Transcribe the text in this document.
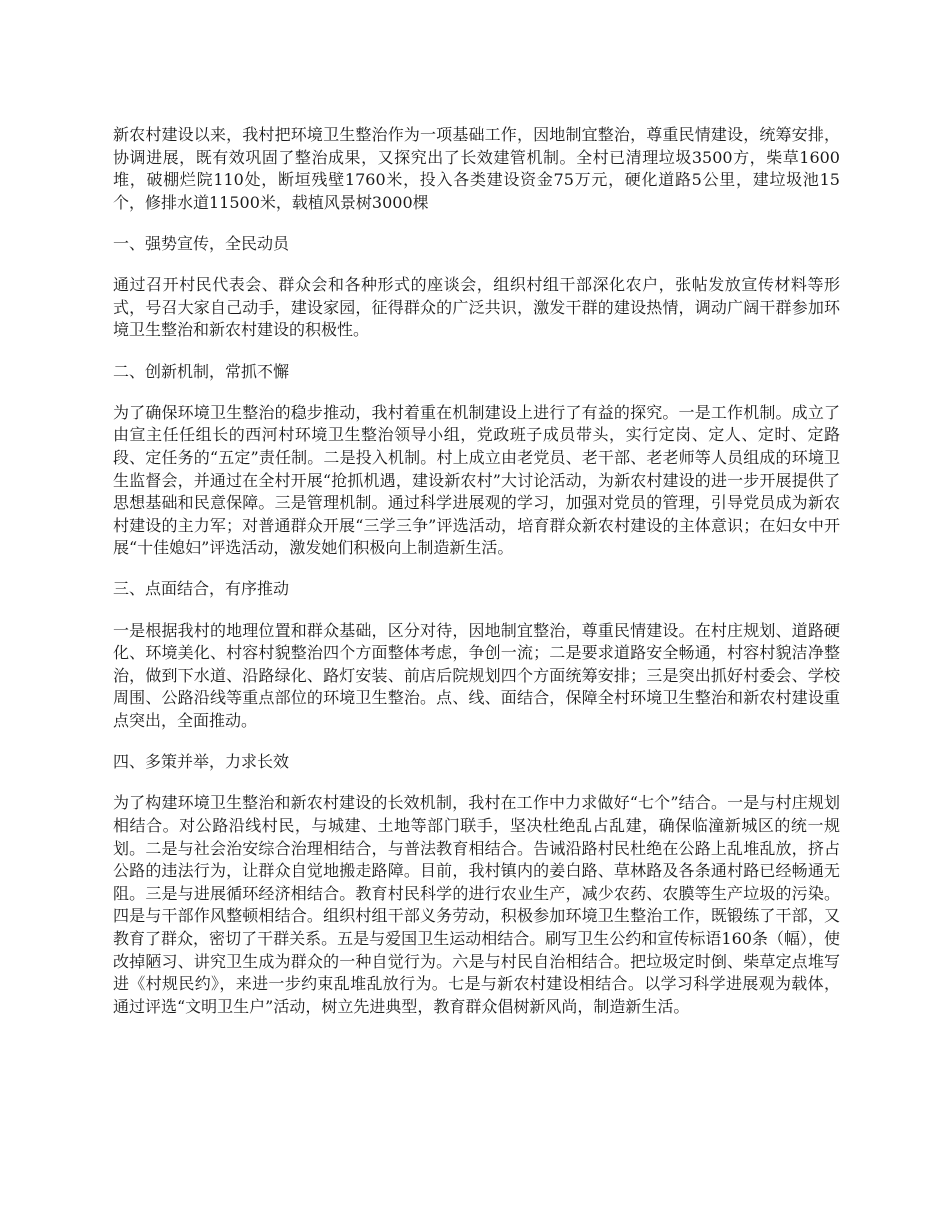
新农村建设以来，我村把环境卫生整治作为一项基础工作，因地制宜整治，尊重民情建设，统筹安排，协调进展，既有效巩固了整治成果，又探究出了长效建管机制。全村已清理垃圾3500方，柴草1600堆，破棚烂院110处，断垣残壁1760米，投入各类建设资金75万元，硬化道路5公里，建垃圾池15个，修排水道11500米，载植风景树3000棵

一、强势宣传，全民动员

通过召开村民代表会、群众会和各种形式的座谈会，组织村组干部深化农户，张帖发放宣传材料等形式，号召大家自己动手，建设家园，征得群众的广泛共识，激发干群的建设热情，调动广阔干群参加环境卫生整治和新农村建设的积极性。

二、创新机制，常抓不懈

为了确保环境卫生整治的稳步推动，我村着重在机制建设上进行了有益的探究。一是工作机制。成立了由宣主任任组长的西河村环境卫生整治领导小组，党政班子成员带头，实行定岗、定人、定时、定路段、定任务的“五定”责任制。二是投入机制。村上成立由老党员、老干部、老老师等人员组成的环境卫生监督会，并通过在全村开展“抢抓机遇，建设新农村”大讨论活动，为新农村建设的进一步开展提供了思想基础和民意保障。三是管理机制。通过科学进展观的学习，加强对党员的管理，引导党员成为新农村建设的主力军；对普通群众开展“三学三争”评选活动，培育群众新农村建设的主体意识；在妇女中开展“十佳媳妇”评选活动，激发她们积极向上制造新生活。

三、点面结合，有序推动

一是根据我村的地理位置和群众基础，区分对待，因地制宜整治，尊重民情建设。在村庄规划、道路硬化、环境美化、村容村貌整治四个方面整体考虑，争创一流；二是要求道路安全畅通，村容村貌洁净整治，做到下水道、沿路绿化、路灯安装、前店后院规划四个方面统筹安排；三是突出抓好村委会、学校周围、公路沿线等重点部位的环境卫生整治。点、线、面结合，保障全村环境卫生整治和新农村建设重点突出，全面推动。

四、多策并举，力求长效

为了构建环境卫生整治和新农村建设的长效机制，我村在工作中力求做好“七个”结合。一是与村庄规划相结合。对公路沿线村民，与城建、土地等部门联手，坚决杜绝乱占乱建，确保临潼新城区的统一规划。二是与社会治安综合治理相结合，与普法教育相结合。告诫沿路村民杜绝在公路上乱堆乱放，挤占公路的违法行为，让群众自觉地搬走路障。目前，我村镇内的姜白路、草林路及各条通村路已经畅通无阻。三是与进展循环经济相结合。教育村民科学的进行农业生产，减少农药、农膜等生产垃圾的污染。四是与干部作风整顿相结合。组织村组干部义务劳动，积极参加环境卫生整治工作，既锻练了干部，又教育了群众，密切了干群关系。五是与爱国卫生运动相结合。刷写卫生公约和宣传标语160条（幅），使改掉陋习、讲究卫生成为群众的一种自觉行为。六是与村民自治相结合。把垃圾定时倒、柴草定点堆写进《村规民约》，来进一步约束乱堆乱放行为。七是与新农村建设相结合。以学习科学进展观为载体，通过评选“文明卫生户”活动，树立先进典型，教育群众倡树新风尚，制造新生活。
